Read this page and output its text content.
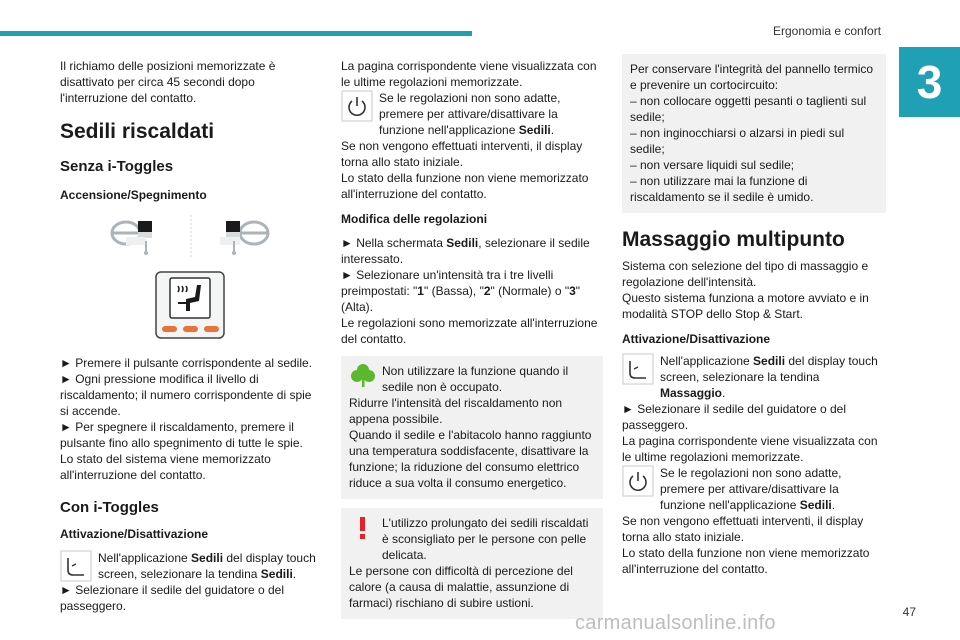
Ergonomia e confort
3

Il richiamo delle posizioni memorizzate è disattivato per circa 45 secondi dopo l'interruzione del contatto.

Sedili riscaldati
Senza i-Toggles
Accensione/Spegnimento

► Premere il pulsante corrispondente al sedile.

► Ogni pressione modifica il livello di riscaldamento; il numero corrispondente di spie si accende.

► Per spegnere il riscaldamento, premere il pulsante fino allo spegnimento di tutte le spie.

Lo stato del sistema viene memorizzato all'interruzione del contatto.

Con i-Toggles
Attivazione/Disattivazione

Nell'applicazione Sedili del display touch screen, selezionare la tendina Sedili.

► Selezionare il sedile del guidatore o del passeggero.

La pagina corrispondente viene visualizzata con le ultime regolazioni memorizzate.

Se le regolazioni non sono adatte, premere per attivare/disattivare la funzione nell'applicazione Sedili.

Se non vengono effettuati interventi, il display torna allo stato iniziale.

Lo stato della funzione non viene memorizzato all'interruzione del contatto.

Modifica delle regolazioni

► Nella schermata Sedili, selezionare il sedile interessato.

► Selezionare un'intensità tra i tre livelli preimpostati: "1" (Bassa), "2" (Normale) o "3" (Alta).

Le regolazioni sono memorizzate all'interruzione del contatto.

Non utilizzare la funzione quando il sedile non è occupato.

Ridurre l'intensità del riscaldamento non appena possibile.

Quando il sedile e l'abitacolo hanno raggiunto una temperatura soddisfacente, disattivare la funzione; la riduzione del consumo elettrico riduce a sua volta il consumo energetico.

L'utilizzo prolungato dei sedili riscaldati è sconsigliato per le persone con pelle delicata.

Le persone con difficoltà di percezione del calore (a causa di malattie, assunzione di farmaci) rischiano di subire ustioni.

Per conservare l'integrità del pannello termico e prevenire un cortocircuito:

– non collocare oggetti pesanti o taglienti sul sedile;

– non inginocchiarsi o alzarsi in piedi sul sedile;

– non versare liquidi sul sedile;

– non utilizzare mai la funzione di riscaldamento se il sedile è umido.

Massaggio multipunto

Sistema con selezione del tipo di massaggio e regolazione dell'intensità.

Questo sistema funziona a motore avviato e in modalità STOP dello Stop & Start.

Attivazione/Disattivazione

Nell'applicazione Sedili del display touch screen, selezionare la tendina Massaggio.

► Selezionare il sedile del guidatore o del passeggero.

La pagina corrispondente viene visualizzata con le ultime regolazioni memorizzate.

Se le regolazioni non sono adatte, premere per attivare/disattivare la funzione nell'applicazione Sedili.

Se non vengono effettuati interventi, il display torna allo stato iniziale.

Lo stato della funzione non viene memorizzato all'interruzione del contatto.

47
carmanualsonline.info
